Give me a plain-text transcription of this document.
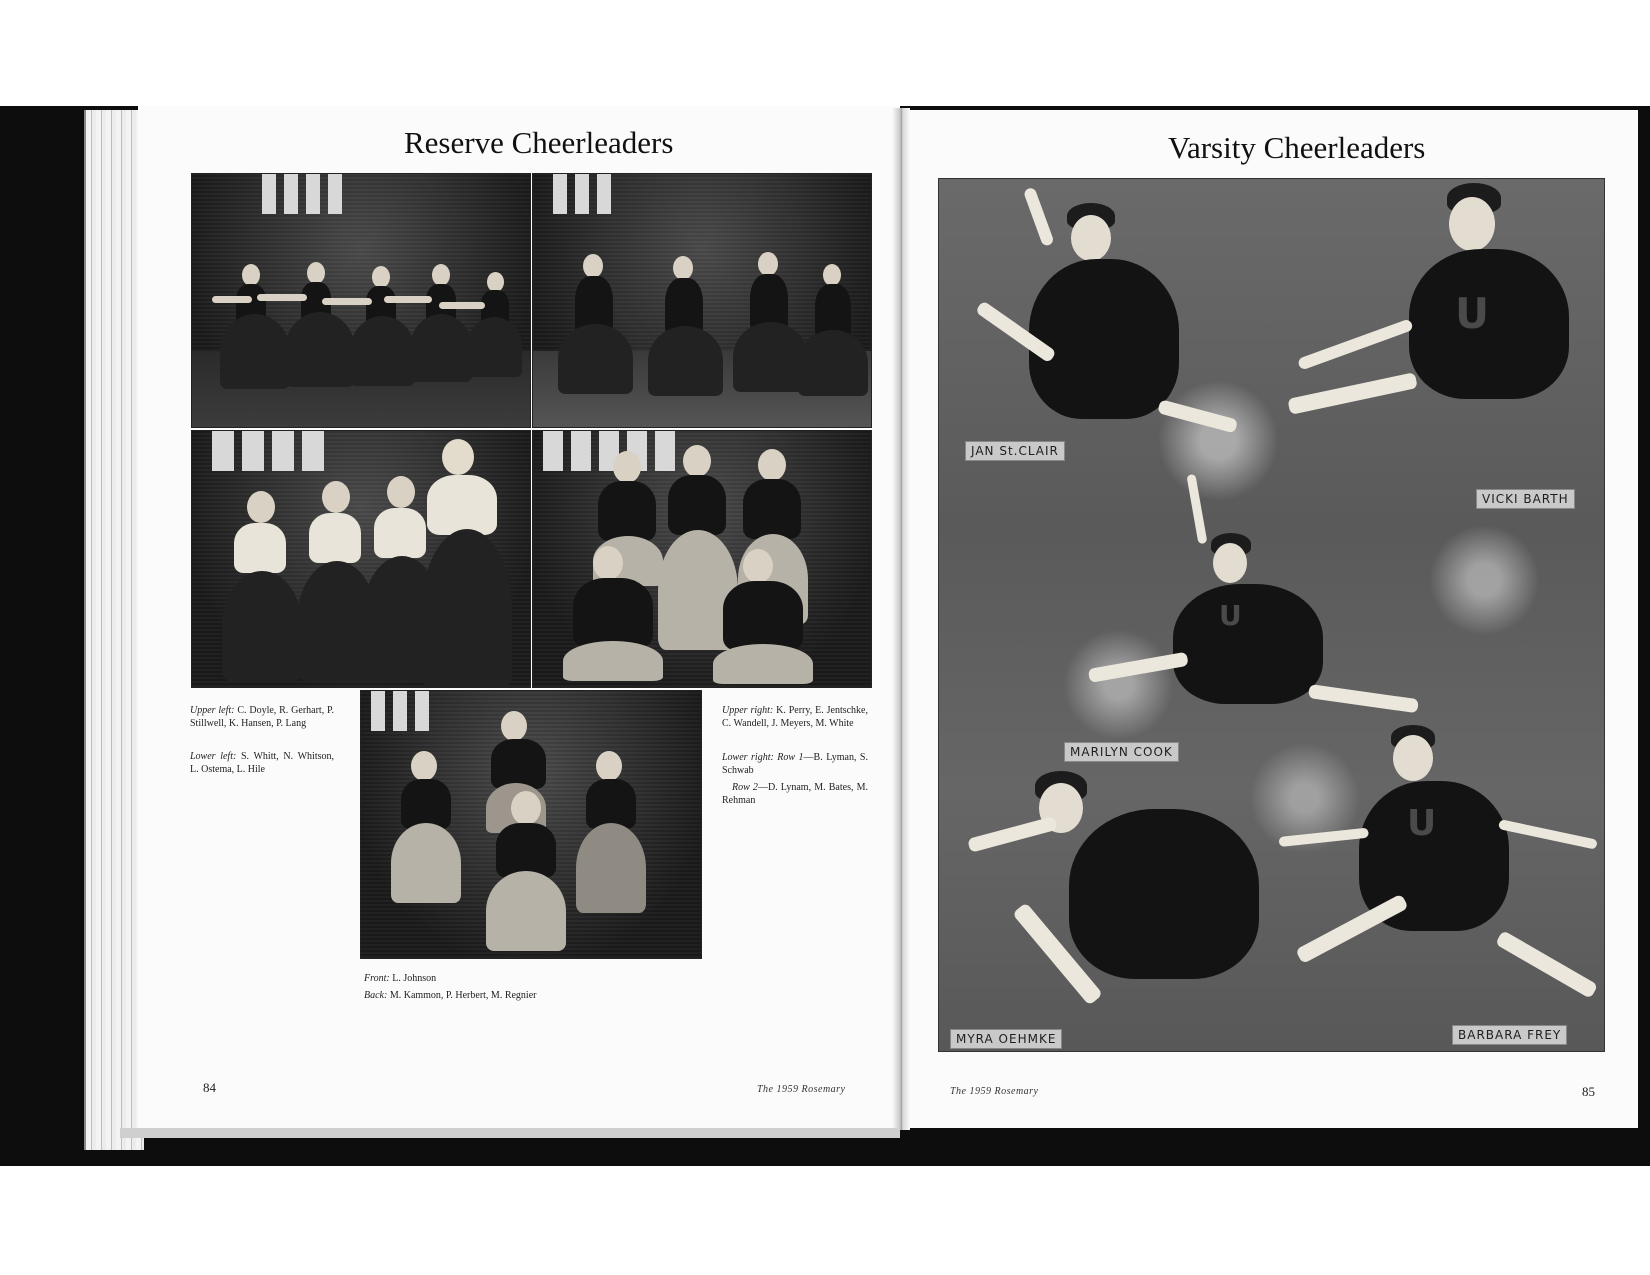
Reserve Cheerleaders
Upper left: C. Doyle, R. Gerhart, P. Stillwell, K. Hansen, P. Lang
Lower left: S. Whitt, N. Whitson, L. Ostema, L. Hile
Upper right: K. Perry, E. Jentschke, C. Wandell, J. Meyers, M. White
Lower right: Row 1—B. Lyman, S. Schwab
Row 2—D. Lynam, M. Bates, M. Rehman
Front: L. Johnson
Back: M. Kammon, P. Herbert, M. Regnier
84	The 1959 Rosemary
Varsity Cheerleaders
U
U
U
JAN St.CLAIR
VICKI BARTH
MARILYN COOK
MYRA OEHMKE	BARBARA FREY
The 1959 Rosemary	85
